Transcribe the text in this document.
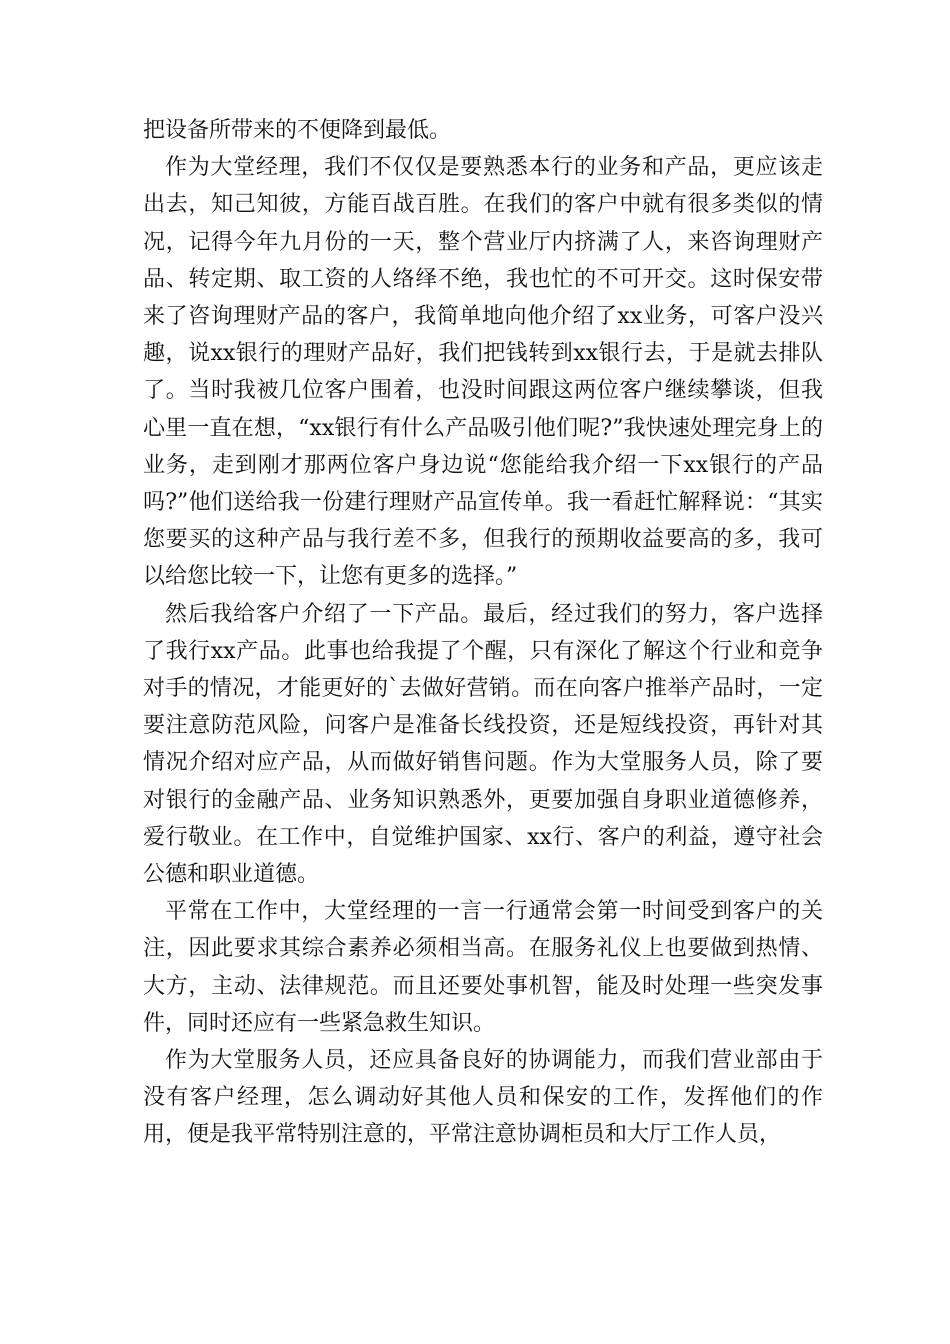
把设备所带来的不便降到最低。

作为大堂经理，我们不仅仅是要熟悉本行的业务和产品，更应该走出去，知己知彼，方能百战百胜。在我们的客户中就有很多类似的情况，记得今年九月份的一天，整个营业厅内挤满了人，来咨询理财产品、转定期、取工资的人络绎不绝，我也忙的不可开交。这时保安带来了咨询理财产品的客户，我简单地向他介绍了xx业务，可客户没兴趣，说xx银行的理财产品好，我们把钱转到xx银行去，于是就去排队了。当时我被几位客户围着，也没时间跟这两位客户继续攀谈，但我心里一直在想，“xx银行有什么产品吸引他们呢?”我快速处理完身上的业务，走到刚才那两位客户身边说“您能给我介绍一下xx银行的产品吗?”他们送给我一份建行理财产品宣传单。我一看赶忙解释说：“其实您要买的这种产品与我行差不多，但我行的预期收益要高的多，我可以给您比较一下，让您有更多的选择。”

然后我给客户介绍了一下产品。最后，经过我们的努力，客户选择了我行xx产品。此事也给我提了个醒，只有深化了解这个行业和竞争对手的情况，才能更好的`去做好营销。而在向客户推举产品时，一定要注意防范风险，问客户是准备长线投资，还是短线投资，再针对其情况介绍对应产品，从而做好销售问题。作为大堂服务人员，除了要对银行的金融产品、业务知识熟悉外，更要加强自身职业道德修养，爱行敬业。在工作中，自觉维护国家、xx行、客户的利益，遵守社会公德和职业道德。

平常在工作中，大堂经理的一言一行通常会第一时间受到客户的关注，因此要求其综合素养必须相当高。在服务礼仪上也要做到热情、大方，主动、法律规范。而且还要处事机智，能及时处理一些突发事件，同时还应有一些紧急救生知识。

作为大堂服务人员，还应具备良好的协调能力，而我们营业部由于没有客户经理，怎么调动好其他人员和保安的工作，发挥他们的作用，便是我平常特别注意的，平常注意协调柜员和大厅工作人员，
